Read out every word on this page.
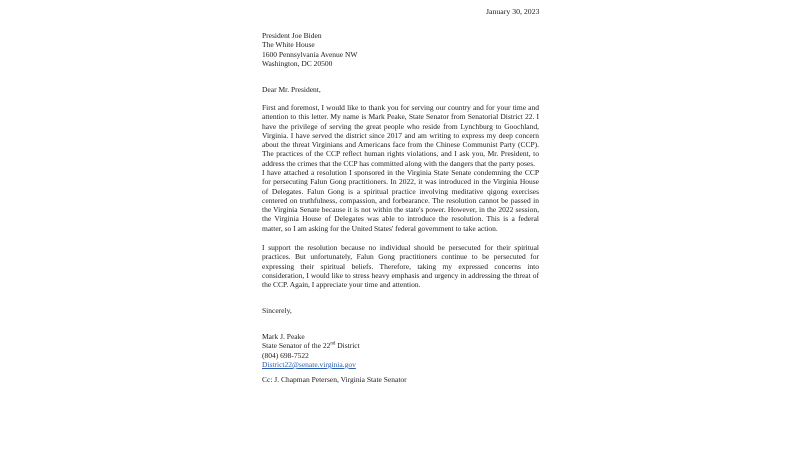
January 30, 2023
President Joe Biden
The White House
1600 Pennsylvania Avenue NW
Washington, DC 20500
Dear Mr. President,
First and foremost, I would like to thank you for serving our country and for your time and attention to this letter. My name is Mark Peake, State Senator from Senatorial District 22. I have the privilege of serving the great people who reside from Lynchburg to Goochland, Virginia. I have served the district since 2017 and am writing to express my deep concern about the threat Virginians and Americans face from the Chinese Communist Party (CCP). The practices of the CCP reflect human rights violations, and I ask you, Mr. President, to address the crimes that the CCP has committed along with the dangers that the party poses.
I have attached a resolution I sponsored in the Virginia State Senate condemning the CCP for persecuting Falun Gong practitioners. In 2022, it was introduced in the Virginia House of Delegates. Falun Gong is a spiritual practice involving meditative qigong exercises centered on truthfulness, compassion, and forbearance. The resolution cannot be passed in the Virginia Senate because it is not within the state's power. However, in the 2022 session, the Virginia House of Delegates was able to introduce the resolution. This is a federal matter, so I am asking for the United States' federal government to take action.
I support the resolution because no individual should be persecuted for their spiritual practices. But unfortunately, Falun Gong practitioners continue to be persecuted for expressing their spiritual beliefs. Therefore, taking my expressed concerns into consideration, I would like to stress heavy emphasis and urgency in addressing the threat of the CCP. Again, I appreciate your time and attention.
Sincerely,
Mark J. Peake
State Senator of the 22nd District
(804) 698-7522
District22@senate.virginia.gov
Cc: J. Chapman Petersen, Virginia State Senator
